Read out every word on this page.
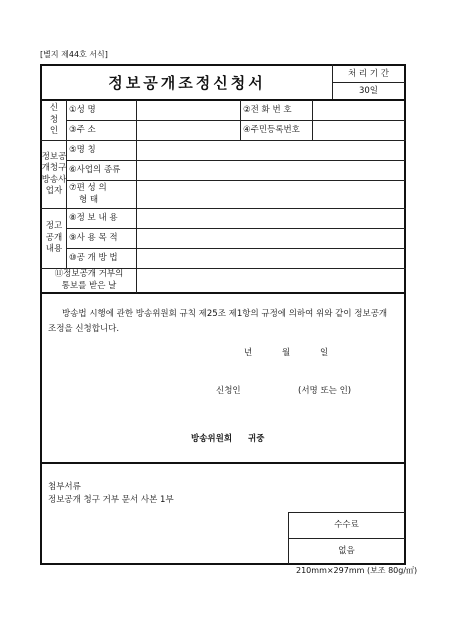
[별지 제44호 서식]
정보공개조정신청서
처 리 기 간
30일
신
청
인
①성 명	②전 화 번 호
③주 소	④주민등록번호
정보공
개청구
방송사
업자
⑤명 칭
⑥사업의 종류
⑦편 성 의
형 태
정고
공개
내용
⑧정 보 내 용
⑨사 용 목 적
⑩공 개 방 법
⑪정보공개 거부의
통보를 받은 날
방송법 시행에 관한 방송위원회 규칙 제25조 제1항의 규정에 의하여 위와 같이 정보공개
조정을 신청합니다.
년	월	일
신청인	(서명 또는 인)
방송위원회 귀중
첨부서류
정보공개 청구 거부 문서 사본 1부
수수료
없음
210mm×297mm (보조 80g/㎡)
